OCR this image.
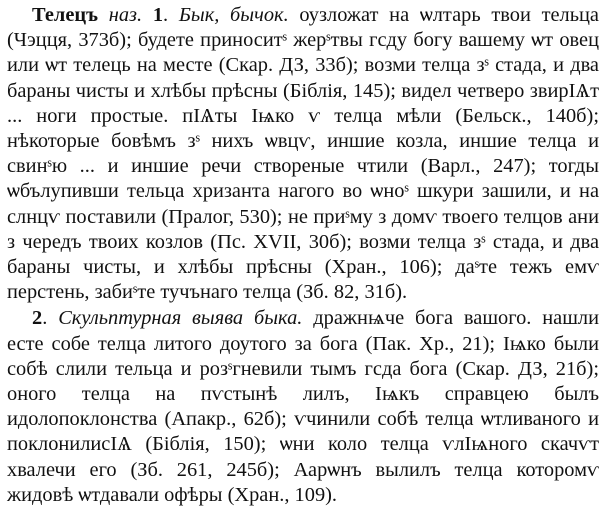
Телецъ наз. 1. Бык, бычок. оузложат на ѡлтарь твои тельца (Чэцця, 373б); будете приноситˢ жерˢтвы гсду богу вашему ѡт овец или ѡт телець на месте (Скар. ДЗ, 33б); возми телца зˢ стада, и два бараны чисты и хлѣбы прѣсны (Біблія, 145); видел четверо звирІѦт ... ноги простые. пІѦты Іѩко ѵ телца мѣли (Бельск., 140б); нѣкоторые бовѣмъ зˢ нихъ ѡвцѵ, иншие козла, иншие телца и свинˢю ... и иншие речи створеные чтили (Варл., 247); тогды ѡбълупивши тельца хризанта нагого во ѡноˢ шкури зашили, и на слнцѵ поставили (Пралог, 530); не приˢму з домѵ твоего телцов ани з чередъ твоих козлов (Пс. XVII, 30б); возми телца зˢ стада, и два бараны чисты, и хлѣбы прѣсны (Хран., 106); даˢте тежъ емѵ перстень, забиˢте тучънаго телца (Зб. 82, 31б).

2. Скульптурная выява быка. дражнѩче бога вашого. нашли есте собе телца литого доутого за бога (Пак. Хр., 21); Іѩко были собѣ слили тельца и розˢгневили тымъ гсда бога (Скар. ДЗ, 21б); оного телца на пѵстынѣ лилъ, Іѩкъ справцею былъ идолопоклонства (Апакр., 62б); ѵчинили собѣ телца ѡтливаного и поклонилисІѦ (Біблія, 150); ѡни коло телца ѵлІѩного скачѵт хвалечи его (Зб. 261, 245б); Аарѡнъ вылилъ телца которомѵ жидовѣ ѡтдавали офѣры (Хран., 109).
